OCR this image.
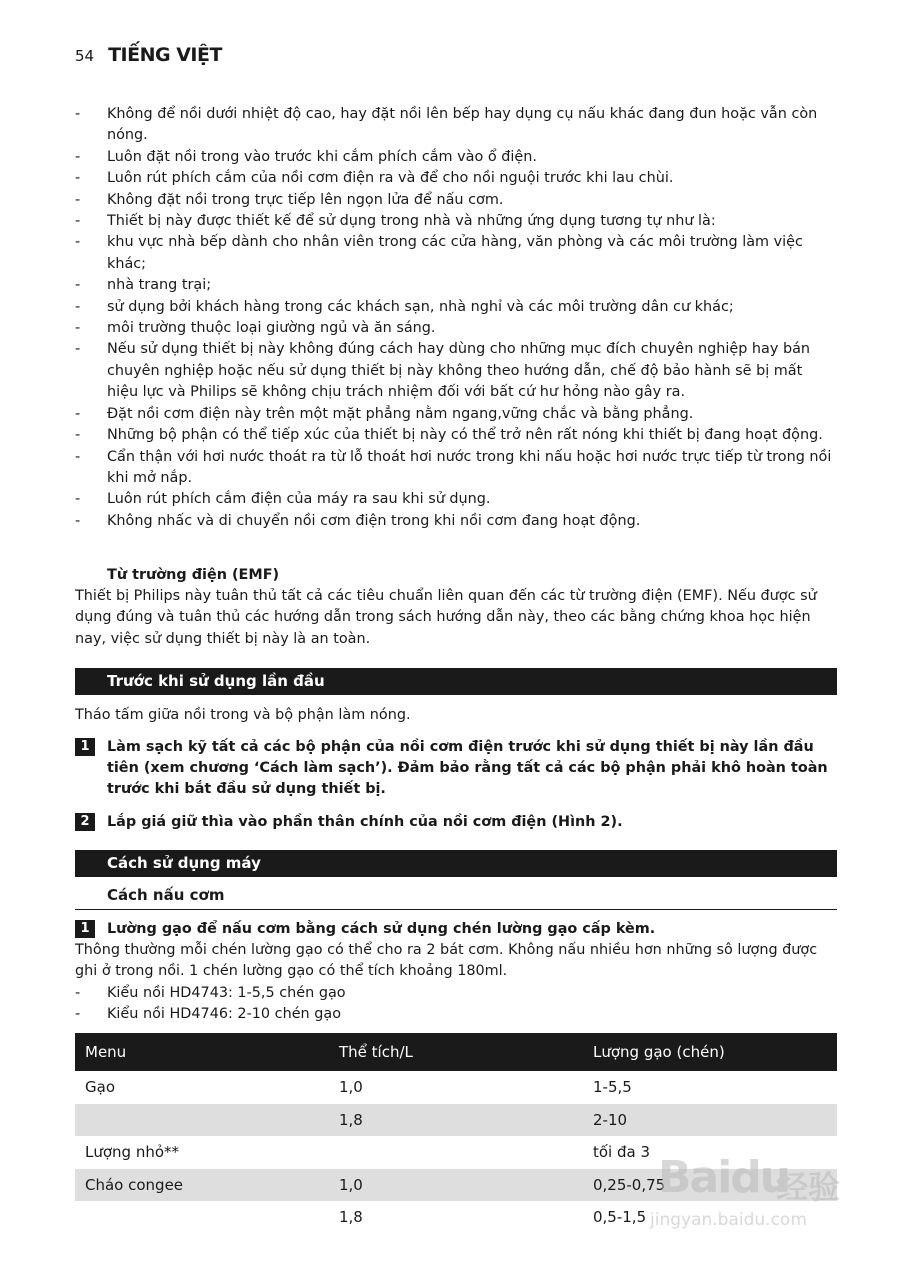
54 TIẾNG VIỆT
-	Không để nồi dưới nhiệt độ cao, hay đặt nồi lên bếp hay dụng cụ nấu khác đang đun hoặc vẫn còn nóng.
-	Luôn đặt nồi trong vào trước khi cắm phích cắm vào ổ điện.
-	Luôn rút phích cắm của nồi cơm điện ra và để cho nồi nguội trước khi lau chùi.
-	Không đặt nồi trong trực tiếp lên ngọn lửa để nấu cơm.
-	Thiết bị này được thiết kế để sử dụng trong nhà và những ứng dụng tương tự như là:
-	khu vực nhà bếp dành cho nhân viên trong các cửa hàng, văn phòng và các môi trường làm việc khác;
-	nhà trang trại;
-	sử dụng bởi khách hàng trong các khách sạn, nhà nghỉ và các môi trường dân cư khác;
-	môi trường thuộc loại giường ngủ và ăn sáng.
-	Nếu sử dụng thiết bị này không đúng cách hay dùng cho những mục đích chuyên nghiệp hay bán chuyên nghiệp hoặc nếu sử dụng thiết bị này không theo hướng dẫn, chế độ bảo hành sẽ bị mất hiệu lực và Philips sẽ không chịu trách nhiệm đối với bất cứ hư hỏng nào gây ra.
-	Đặt nồi cơm điện này trên một mặt phẳng nằm ngang,vững chắc và bằng phẳng.
-	Những bộ phận có thể tiếp xúc của thiết bị này có thể trở nên rất nóng khi thiết bị đang hoạt động.
-	Cẩn thận với hơi nước thoát ra từ lỗ thoát hơi nước trong khi nấu hoặc hơi nước trực tiếp từ trong nồi khi mở nắp.
-	Luôn rút phích cắm điện của máy ra sau khi sử dụng.
-	Không nhấc và di chuyển nồi cơm điện trong khi nồi cơm đang hoạt động.
Từ trường điện (EMF)
Thiết bị Philips này tuân thủ tất cả các tiêu chuẩn liên quan đến các từ trường điện (EMF). Nếu được sử dụng đúng và tuân thủ các hướng dẫn trong sách hướng dẫn này, theo các bằng chứng khoa học hiện nay, việc sử dụng thiết bị này là an toàn.
Trước khi sử dụng lần đầu
Tháo tấm giữa nồi trong và bộ phận làm nóng.
1	Làm sạch kỹ tất cả các bộ phận của nồi cơm điện trước khi sử dụng thiết bị này lần đầu tiên (xem chương ‘Cách làm sạch’). Đảm bảo rằng tất cả các bộ phận phải khô hoàn toàn trước khi bắt đầu sử dụng thiết bị.
2	Lắp giá giữ thìa vào phần thân chính của nồi cơm điện (Hình 2).
Cách sử dụng máy
Cách nấu cơm
1	Lường gạo để nấu cơm bằng cách sử dụng chén lường gạo cấp kèm.
Thông thường mỗi chén lường gạo có thể cho ra 2 bát cơm. Không nấu nhiều hơn những sô lượng được ghi ở trong nồi. 1 chén lường gạo có thể tích khoảng 180ml.
-	Kiểu nồi HD4743: 1-5,5 chén gạo
-	Kiểu nồi HD4746: 2-10 chén gạo
Menu	Thể tích/L	Lượng gạo (chén)
Gạo	1,0	1-5,5
	1,8	2-10
Lượng nhỏ**		tối đa 3
Cháo congee	1,0	0,25-0,75
	1,8	0,5-1,5
Baidu
经验
jingyan.baidu.com
